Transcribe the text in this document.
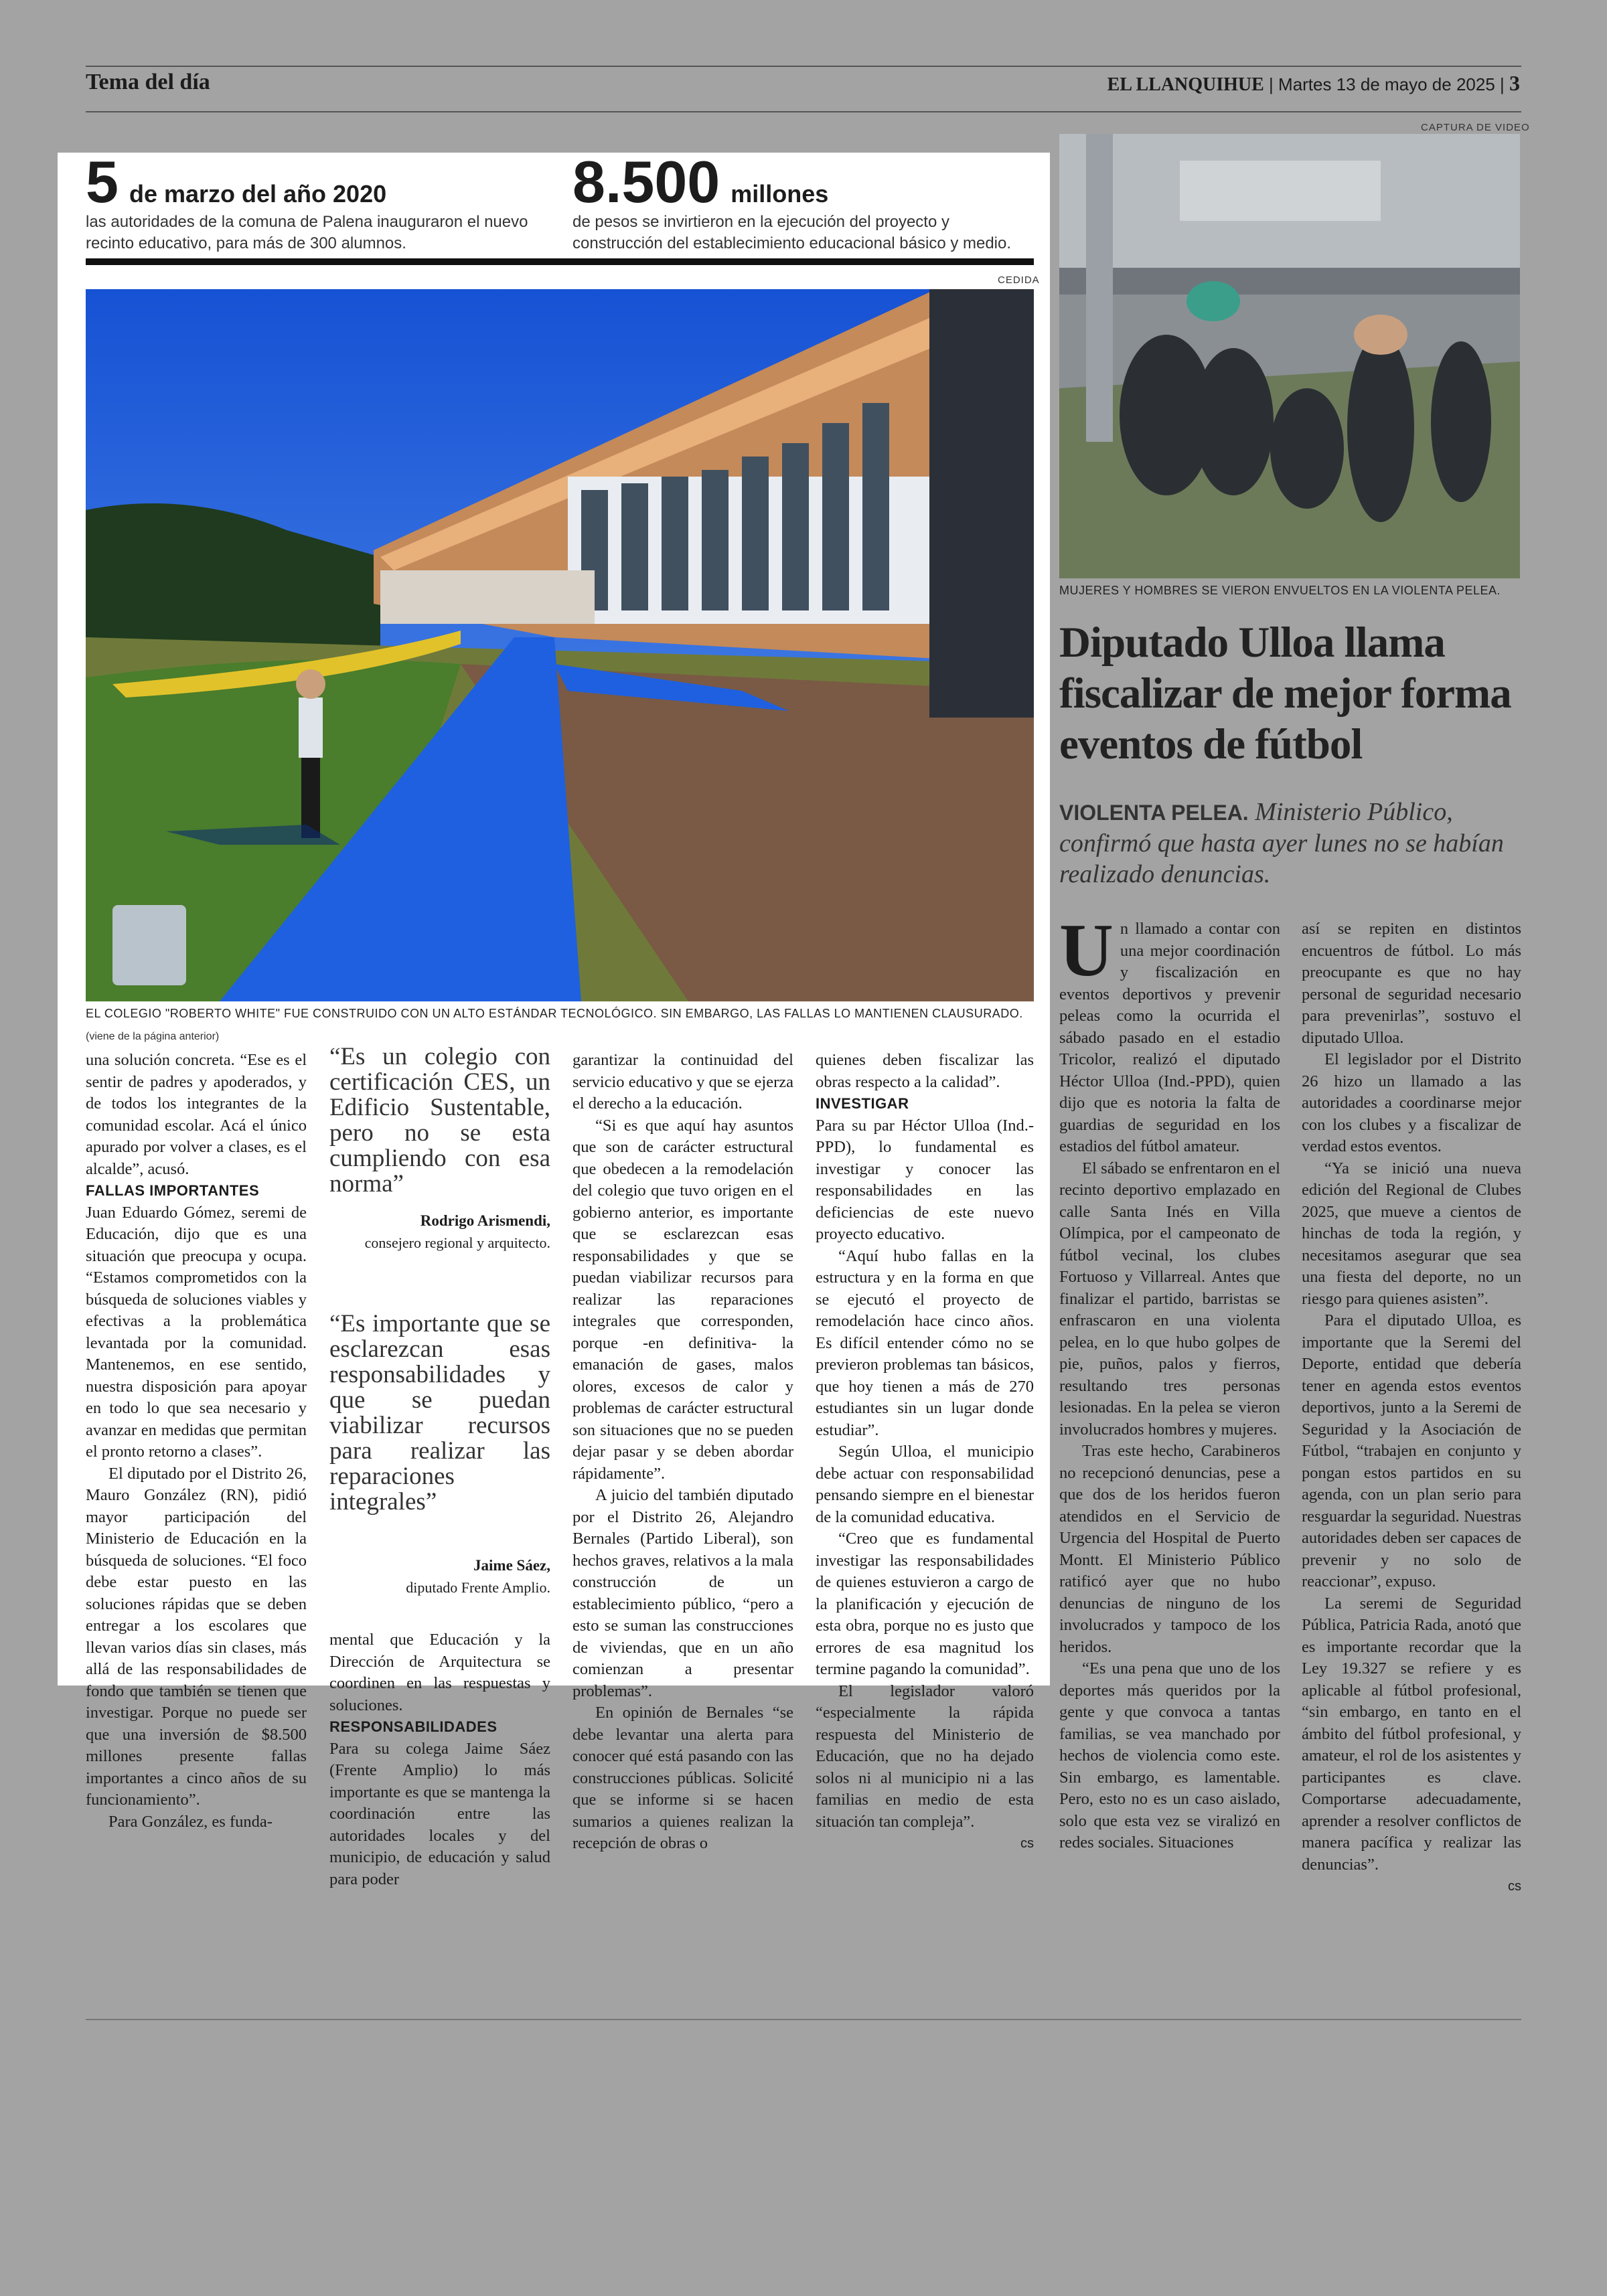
Tema del día	EL LLANQUIHUE | Martes 13 de mayo de 2025 | 3
5 de marzo del año 2020
las autoridades de la comuna de Palena inauguraron el nuevo recinto educativo, para más de 300 alumnos.
8.500 millones
de pesos se invirtieron en la ejecución del proyecto y construcción del establecimiento educacional básico y medio.
CEDIDA
EL COLEGIO "ROBERTO WHITE" FUE CONSTRUIDO CON UN ALTO ESTÁNDAR TECNOLÓGICO. SIN EMBARGO, LAS FALLAS LO MANTIENEN CLAUSURADO.
(viene de la página anterior)

una solución concreta. “Ese es el sentir de padres y apoderados, y de todos los integrantes de la comunidad escolar. Acá el único apurado por volver a clases, es el alcalde”, acusó.

FALLAS IMPORTANTES

Juan Eduardo Gómez, seremi de Educación, dijo que es una situación que preocupa y ocupa. “Estamos comprometidos con la búsqueda de soluciones viables y efectivas a la problemática levantada por la comunidad. Mantenemos, en ese sentido, nuestra disposición para apoyar en todo lo que sea necesario y avanzar en medidas que permitan el pronto retorno a clases”.

El diputado por el Distrito 26, Mauro González (RN), pidió mayor participación del Ministerio de Educación en la búsqueda de soluciones. “El foco debe estar puesto en las soluciones rápidas que se deben entregar a los escolares que llevan varios días sin clases, más allá de las responsabilidades de fondo que también se tienen que investigar. Porque no puede ser que una inversión de $8.500 millones presente fallas importantes a cinco años de su funcionamiento”.

Para González, es funda-

“Es un colegio con certificación CES, un Edificio Sustentable, pero no se esta cumpliendo con esa norma”

Rodrigo Arismendi,
consejero regional y arquitecto.

“Es importante que se esclarezcan esas responsabilidades y que se puedan viabilizar recursos para realizar las reparaciones integrales”

Jaime Sáez,
diputado Frente Amplio.

mental que Educación y la Dirección de Arquitectura se coordinen en las respuestas y soluciones.

RESPONSABILIDADES

Para su colega Jaime Sáez (Frente Amplio) lo más importante es que se mantenga la coordinación entre las autoridades locales y del municipio, de educación y salud para poder

garantizar la continuidad del servicio educativo y que se ejerza el derecho a la educación.

“Si es que aquí hay asuntos que son de carácter estructural que obedecen a la remodelación del colegio que tuvo origen en el gobierno anterior, es importante que se esclarezcan esas responsabilidades y que se puedan viabilizar recursos para realizar las reparaciones integrales que corresponden, porque -en definitiva- la emanación de gases, malos olores, excesos de calor y problemas de carácter estructural son situaciones que no se pueden dejar pasar y se deben abordar rápidamente”.

A juicio del también diputado por el Distrito 26, Alejandro Bernales (Partido Liberal), son hechos graves, relativos a la mala construcción de un establecimiento público, “pero a esto se suman las construcciones de viviendas, que en un año comienzan a presentar problemas”.

En opinión de Bernales “se debe levantar una alerta para conocer qué está pasando con las construcciones públicas. Solicité que se informe si se hacen sumarios a quienes realizan la recepción de obras o

quienes deben fiscalizar las obras respecto a la calidad”.

INVESTIGAR

Para su par Héctor Ulloa (Ind.-PPD), lo fundamental es investigar y conocer las responsabilidades en las deficiencias de este nuevo proyecto educativo.

“Aquí hubo fallas en la estructura y en la forma en que se ejecutó el proyecto de remodelación hace cinco años. Es difícil entender cómo no se previeron problemas tan básicos, que hoy tienen a más de 270 estudiantes sin un lugar donde estudiar”.

Según Ulloa, el municipio debe actuar con responsabilidad pensando siempre en el bienestar de la comunidad educativa.

“Creo que es fundamental investigar las responsabilidades de quienes estuvieron a cargo de la planificación y ejecución de esta obra, porque no es justo que errores de esa magnitud los termine pagando la comunidad”.

El legislador valoró “especialmente la rápida respuesta del Ministerio de Educación, que no ha dejado solos ni al municipio ni a las familias en medio de esta situación tan compleja”.

cs
CAPTURA DE VIDEO
MUJERES Y HOMBRES SE VIERON ENVUELTOS EN LA VIOLENTA PELEA.
Diputado Ulloa llama fiscalizar de mejor forma eventos de fútbol
VIOLENTA PELEA. Ministerio Público, confirmó que hasta ayer lunes no se habían realizado denuncias.

Un llamado a contar con una mejor coordinación y fiscalización en eventos deportivos y prevenir peleas como la ocurrida el sábado pasado en el estadio Tricolor, realizó el diputado Héctor Ulloa (Ind.-PPD), quien dijo que es notoria la falta de guardias de seguridad en los estadios del fútbol amateur.

El sábado se enfrentaron en el recinto deportivo emplazado en calle Santa Inés en Villa Olímpica, por el campeonato de fútbol vecinal, los clubes Fortuoso y Villarreal. Antes que finalizar el partido, barristas se enfrascaron en una violenta pelea, en lo que hubo golpes de pie, puños, palos y fierros, resultando tres personas lesionadas. En la pelea se vieron involucrados hombres y mujeres.

Tras este hecho, Carabineros no recepcionó denuncias, pese a que dos de los heridos fueron atendidos en el Servicio de Urgencia del Hospital de Puerto Montt. El Ministerio Público ratificó ayer que no hubo denuncias de ninguno de los involucrados y tampoco de los heridos.

“Es una pena que uno de los deportes más queridos por la gente y que convoca a tantas familias, se vea manchado por hechos de violencia como este. Sin embargo, es lamentable. Pero, esto no es un caso aislado, solo que esta vez se viralizó en redes sociales. Situaciones

así se repiten en distintos encuentros de fútbol. Lo más preocupante es que no hay personal de seguridad necesario para prevenirlas”, sostuvo el diputado Ulloa.

El legislador por el Distrito 26 hizo un llamado a las autoridades a coordinarse mejor con los clubes y a fiscalizar de verdad estos eventos.

“Ya se inició una nueva edición del Regional de Clubes 2025, que mueve a cientos de hinchas de toda la región, y necesitamos asegurar que sea una fiesta del deporte, no un riesgo para quienes asisten”.

Para el diputado Ulloa, es importante que la Seremi del Deporte, entidad que debería tener en agenda estos eventos deportivos, junto a la Seremi de Seguridad y la Asociación de Fútbol, “trabajen en conjunto y pongan estos partidos en su agenda, con un plan serio para resguardar la seguridad. Nuestras autoridades deben ser capaces de prevenir y no solo de reaccionar”, expuso.

La seremi de Seguridad Pública, Patricia Rada, anotó que es importante recordar que la Ley 19.327 se refiere y es aplicable al fútbol profesional, “sin embargo, en tanto en el ámbito del fútbol profesional, y amateur, el rol de los asistentes y participantes es clave. Comportarse adecuadamente, aprender a resolver conflictos de manera pacífica y realizar las denuncias”.

cs
